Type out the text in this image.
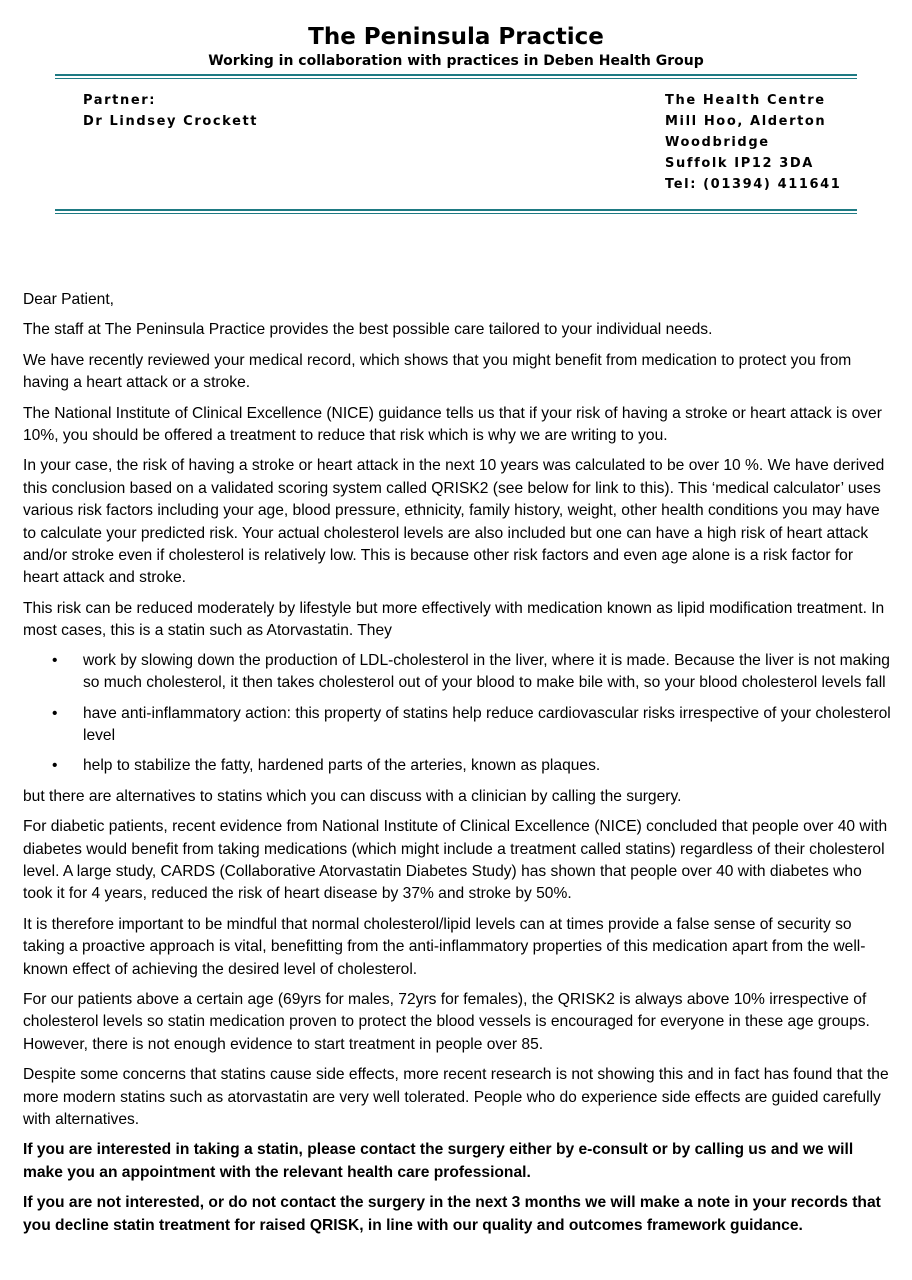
The Peninsula Practice
Working in collaboration with practices in Deben Health Group
Partner:
Dr Lindsey Crockett
The Health Centre
Mill Hoo, Alderton
Woodbridge
Suffolk IP12 3DA
Tel: (01394) 411641

Dear Patient,

The staff at The Peninsula Practice provides the best possible care tailored to your individual needs.

We have recently reviewed your medical record, which shows that you might benefit from medication to protect you from having a heart attack or a stroke.

The National Institute of Clinical Excellence (NICE) guidance tells us that if your risk of having a stroke or heart attack is over 10%, you should be offered a treatment to reduce that risk which is why we are writing to you.

In your case, the risk of having a stroke or heart attack in the next 10 years was calculated to be over 10 %. We have derived this conclusion based on a validated scoring system called QRISK2 (see below for link to this). This ‘medical calculator’ uses various risk factors including your age, blood pressure, ethnicity, family history, weight, other health conditions you may have to calculate your predicted risk. Your actual cholesterol levels are also included but one can have a high risk of heart attack and/or stroke even if cholesterol is relatively low. This is because other risk factors and even age alone is a risk factor for heart attack and stroke.

This risk can be reduced moderately by lifestyle but more effectively with medication known as lipid modification treatment. In most cases, this is a statin such as Atorvastatin. They

• work by slowing down the production of LDL-cholesterol in the liver, where it is made. Because the liver is not making so much cholesterol, it then takes cholesterol out of your blood to make bile with, so your blood cholesterol levels fall
• have anti-inflammatory action: this property of statins help reduce cardiovascular risks irrespective of your cholesterol level
• help to stabilize the fatty, hardened parts of the arteries, known as plaques.

but there are alternatives to statins which you can discuss with a clinician by calling the surgery.

For diabetic patients, recent evidence from National Institute of Clinical Excellence (NICE) concluded that people over 40 with diabetes would benefit from taking medications (which might include a treatment called statins) regardless of their cholesterol level. A large study, CARDS (Collaborative Atorvastatin Diabetes Study) has shown that people over 40 with diabetes who took it for 4 years, reduced the risk of heart disease by 37% and stroke by 50%.

It is therefore important to be mindful that normal cholesterol/lipid levels can at times provide a false sense of security so taking a proactive approach is vital, benefitting from the anti-inflammatory properties of this medication apart from the well-known effect of achieving the desired level of cholesterol.

For our patients above a certain age (69yrs for males, 72yrs for females), the QRISK2 is always above 10% irrespective of cholesterol levels so statin medication proven to protect the blood vessels is encouraged for everyone in these age groups. However, there is not enough evidence to start treatment in people over 85.

Despite some concerns that statins cause side effects, more recent research is not showing this and in fact has found that the more modern statins such as atorvastatin are very well tolerated. People who do experience side effects are guided carefully with alternatives.

If you are interested in taking a statin, please contact the surgery either by e-consult or by calling us and we will make you an appointment with the relevant health care professional.

If you are not interested, or do not contact the surgery in the next 3 months we will make a note in your records that you decline statin treatment for raised QRISK, in line with our quality and outcomes framework guidance.
